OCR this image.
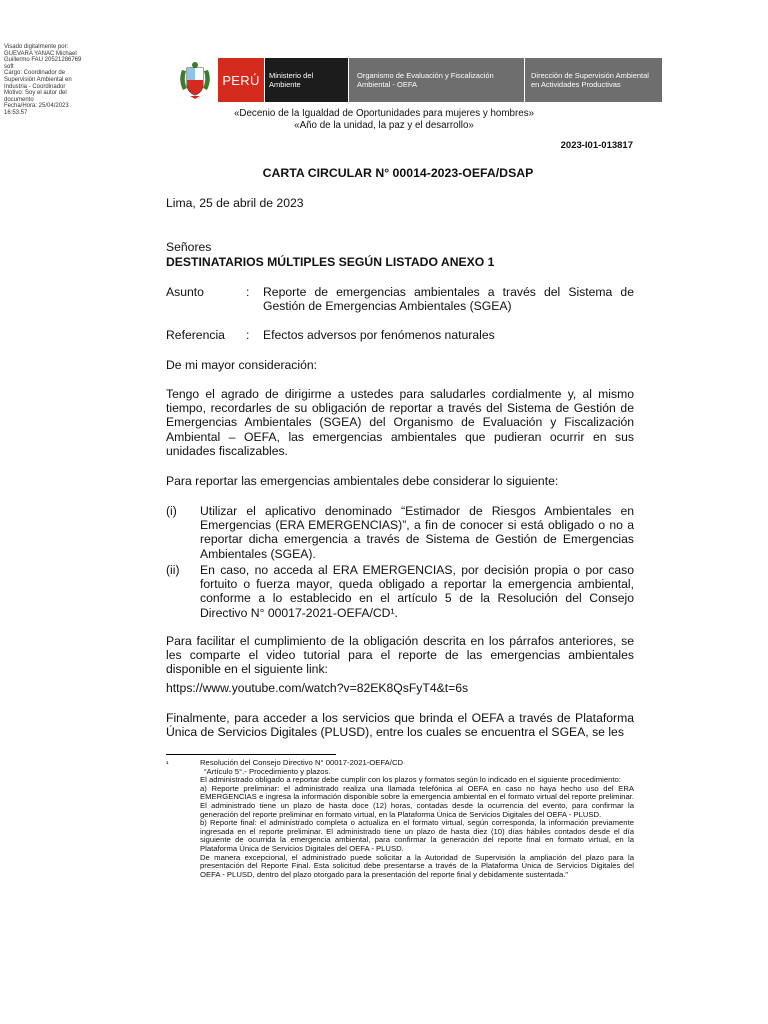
Visado digitalmente por:
GUEVARA YANAC Michael
Guillermo FAU 20521286769
soft
Cargo: Coordinador de
Supervisión Ambiental en
Industria - Coordinador
Motivo: Soy el autor del
documento
Fecha/Hora: 25/04/2023
16:53:57
PERÚ	Ministerio del Ambiente
Organismo de Evaluación y Fiscalización Ambiental - OEFA
Dirección de Supervisión Ambiental en Actividades Productivas
«Decenio de la Igualdad de Oportunidades para mujeres y hombres»
«Año de la unidad, la paz y el desarrollo»
2023-I01-013817
CARTA CIRCULAR N° 00014-2023-OEFA/DSAP
Lima, 25 de abril de 2023
Señores
DESTINATARIOS MÚLTIPLES SEGÚN LISTADO ANEXO 1
Asunto	: Reporte de emergencias ambientales a través del Sistema de Gestión de Emergencias Ambientales (SGEA)
Referencia : Efectos adversos por fenómenos naturales
De mi mayor consideración:
Tengo el agrado de dirigirme a ustedes para saludarles cordialmente y, al mismo tiempo, recordarles de su obligación de reportar a través del Sistema de Gestión de Emergencias Ambientales (SGEA) del Organismo de Evaluación y Fiscalización Ambiental – OEFA, las emergencias ambientales que pudieran ocurrir en sus unidades fiscalizables.
Para reportar las emergencias ambientales debe considerar lo siguiente:
(i) Utilizar el aplicativo denominado “Estimador de Riesgos Ambientales en Emergencias (ERA EMERGENCIAS)”, a fin de conocer si está obligado o no a reportar dicha emergencia a través de Sistema de Gestión de Emergencias Ambientales (SGEA).
(ii) En caso, no acceda al ERA EMERGENCIAS, por decisión propia o por caso fortuito o fuerza mayor, queda obligado a reportar la emergencia ambiental, conforme a lo establecido en el artículo 5 de la Resolución del Consejo Directivo N° 00017-2021-OEFA/CD¹.
Para facilitar el cumplimiento de la obligación descrita en los párrafos anteriores, se les comparte el video tutorial para el reporte de las emergencias ambientales disponible en el siguiente link:
https://www.youtube.com/watch?v=82EK8QsFyT4&t=6s
Finalmente, para acceder a los servicios que brinda el OEFA a través de Plataforma Única de Servicios Digitales (PLUSD), entre los cuales se encuentra el SGEA, se les
¹	Resolución del Consejo Directivo N° 00017-2021-OEFA/CD
“Artículo 5°.- Procedimiento y plazos.
El administrado obligado a reportar debe cumplir con los plazos y formatos según lo indicado en el siguiente procedimiento:
a) Reporte preliminar: el administrado realiza una llamada telefónica al OEFA en caso no haya hecho uso del ERA EMERGENCIAS e ingresa la información disponible sobre la emergencia ambiental en el formato virtual del reporte preliminar. El administrado tiene un plazo de hasta doce (12) horas, contadas desde la ocurrencia del evento, para confirmar la generación del reporte preliminar en formato virtual, en la Plataforma Única de Servicios Digitales del OEFA - PLUSD.
b) Reporte final: el administrado completa o actualiza en el formato virtual, según corresponda, la información previamente ingresada en el reporte preliminar. El administrado tiene un plazo de hasta diez (10) días hábiles contados desde el día siguiente de ocurrida la emergencia ambiental, para confirmar la generación del reporte final en formato virtual, en la Plataforma Única de Servicios Digitales del OEFA - PLUSD.
De manera excepcional, el administrado puede solicitar a la Autoridad de Supervisión la ampliación del plazo para la presentación del Reporte Final. Esta solicitud debe presentarse a través de la Plataforma Única de Servicios Digitales del OEFA - PLUSD, dentro del plazo otorgado para la presentación del reporte final y debidamente sustentada.”
